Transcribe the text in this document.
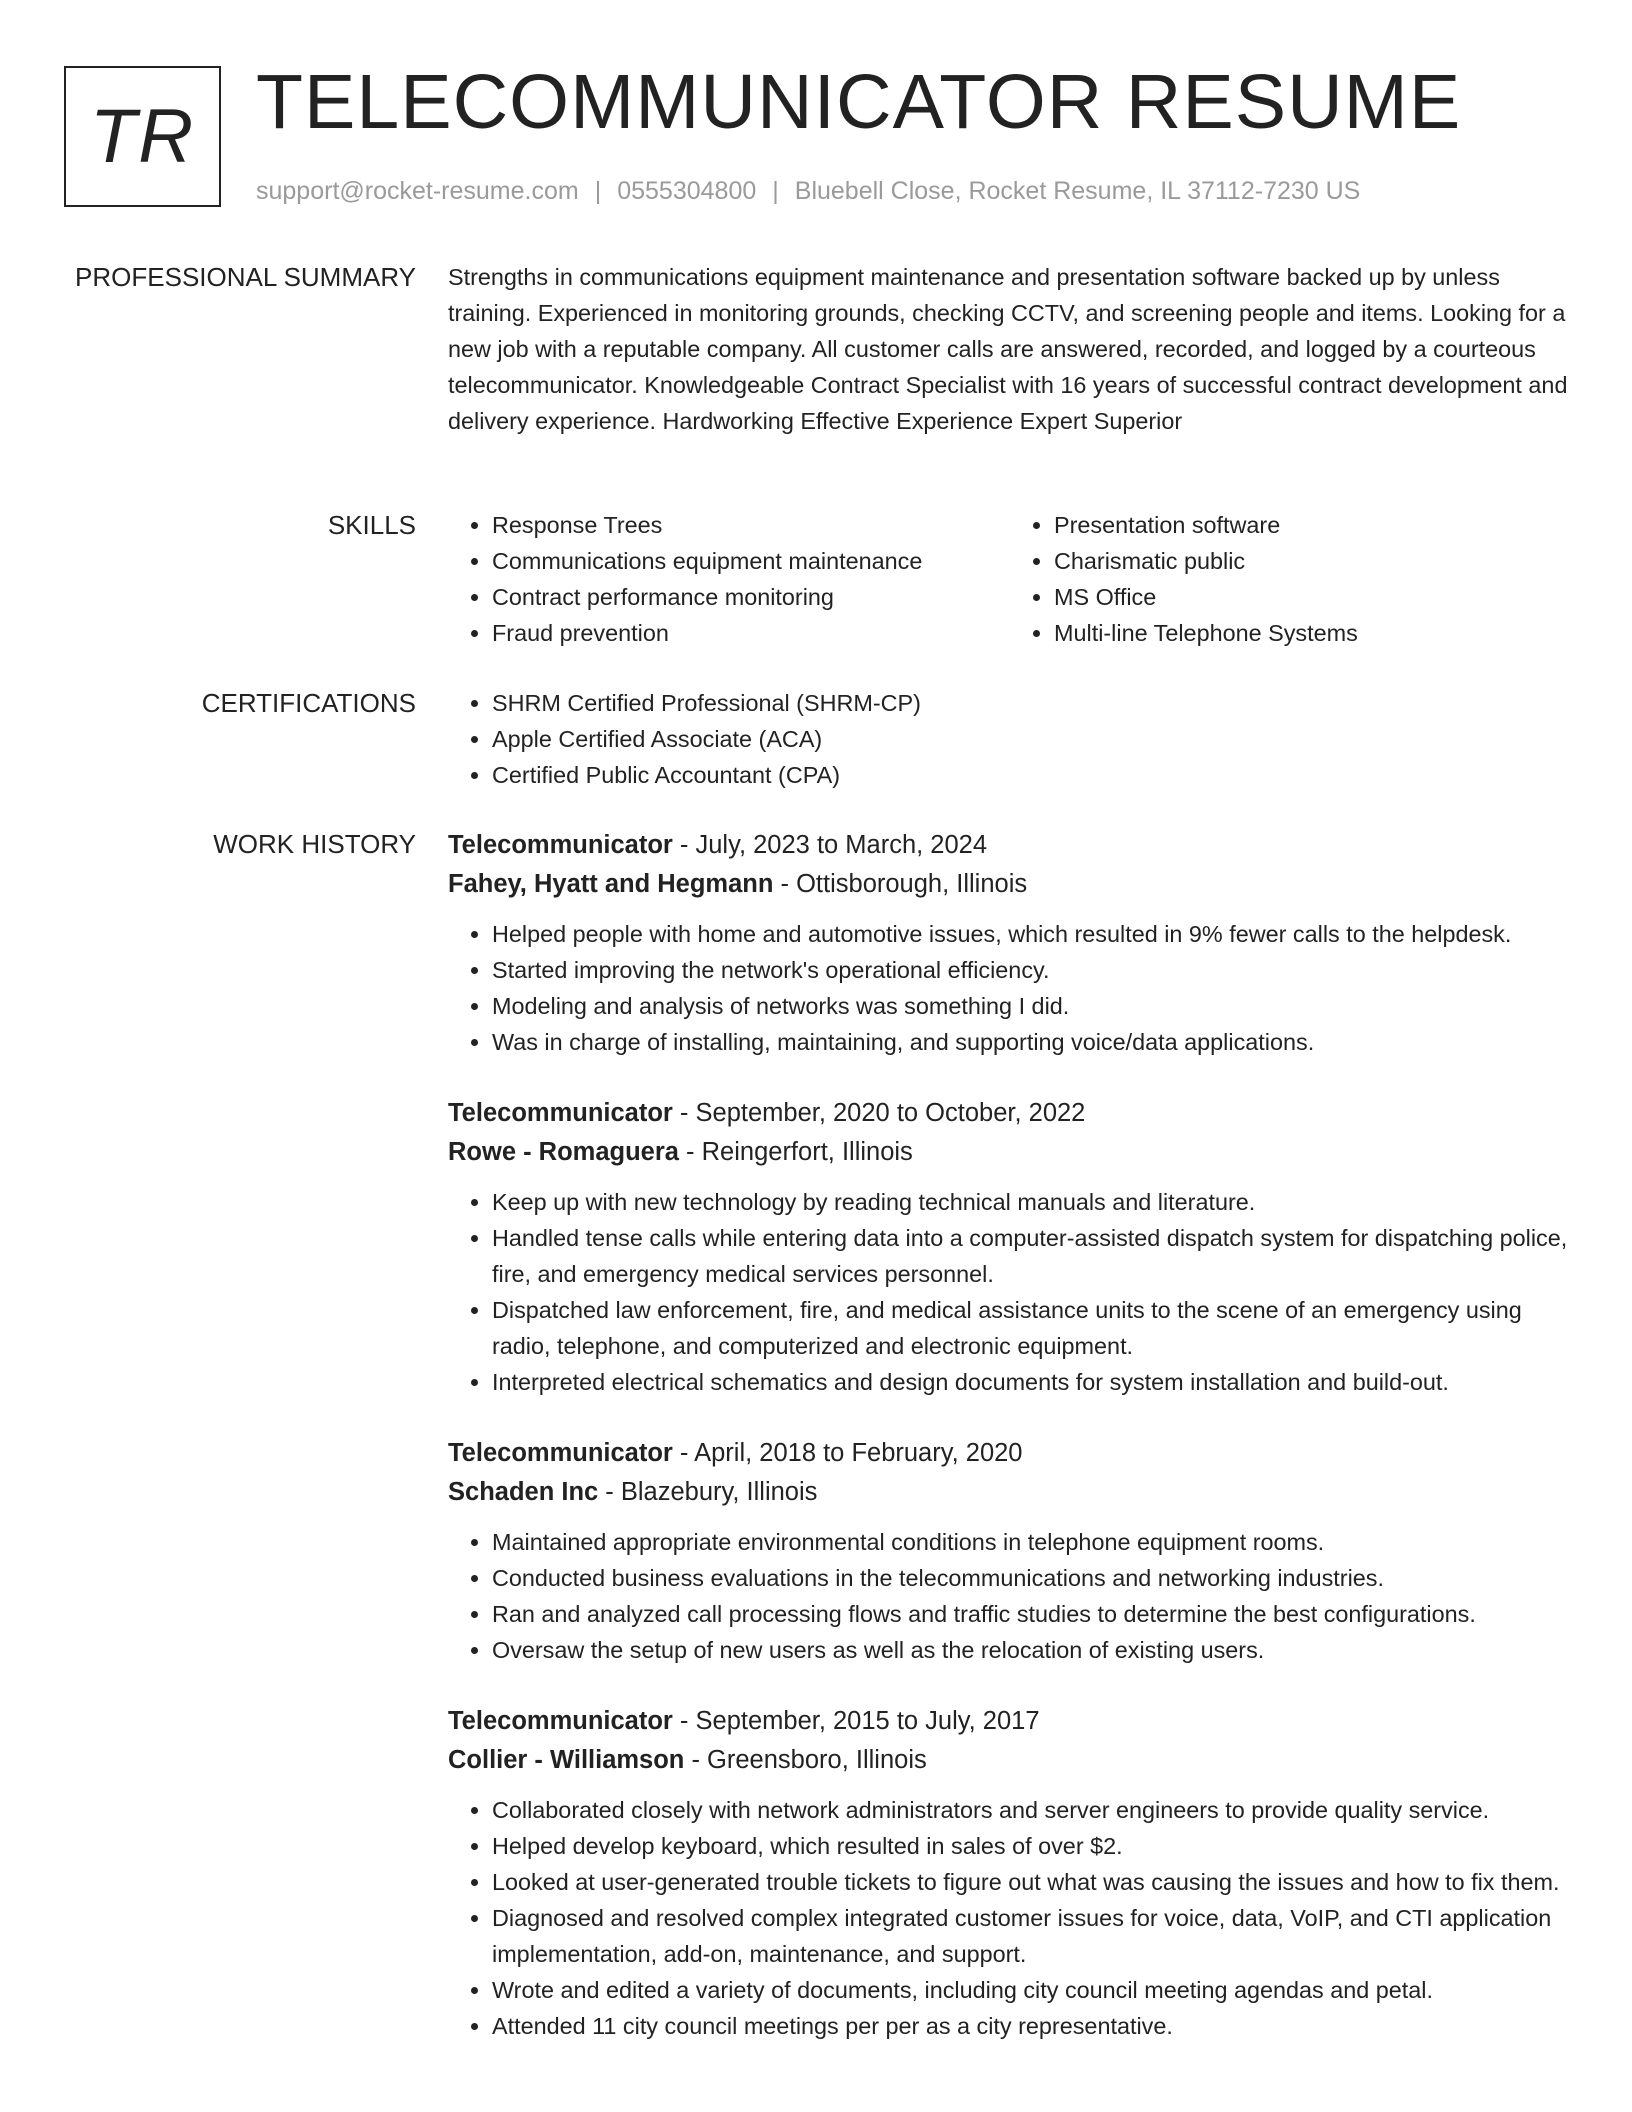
TR TELECOMMUNICATOR RESUME
support@rocket-resume.com | 0555304800 | Bluebell Close, Rocket Resume, IL 37112-7230 US
PROFESSIONAL SUMMARY Strengths in communications equipment maintenance and presentation software backed up by unless training. Experienced in monitoring grounds, checking CCTV, and screening people and items. Looking for a new job with a reputable company. All customer calls are answered, recorded, and logged by a courteous telecommunicator. Knowledgeable Contract Specialist with 16 years of successful contract development and delivery experience. Hardworking Effective Experience Expert Superior

SKILLS	• Response Trees
• Communications equipment maintenance
• Contract performance monitoring
• Fraud prevention
• Presentation software
• Charismatic public
• MS Office
• Multi-line Telephone Systems
CERTIFICATIONS	• SHRM Certified Professional (SHRM-CP)
• Apple Certified Associate (ACA)
• Certified Public Accountant (CPA)
WORK HISTORY Telecommunicator - July, 2023 to March, 2024
Fahey, Hyatt and Hegmann - Ottisborough, Illinois
• Helped people with home and automotive issues, which resulted in 9% fewer calls to the helpdesk.
• Started improving the network's operational efficiency.
• Modeling and analysis of networks was something I did.
• Was in charge of installing, maintaining, and supporting voice/data applications.
Telecommunicator - September, 2020 to October, 2022
Rowe - Romaguera - Reingerfort, Illinois
• Keep up with new technology by reading technical manuals and literature.
• Handled tense calls while entering data into a computer-assisted dispatch system for dispatching police, fire, and emergency medical services personnel.
• Dispatched law enforcement, fire, and medical assistance units to the scene of an emergency using radio, telephone, and computerized and electronic equipment.
• Interpreted electrical schematics and design documents for system installation and build-out.
Telecommunicator - April, 2018 to February, 2020
Schaden Inc - Blazebury, Illinois
• Maintained appropriate environmental conditions in telephone equipment rooms.
• Conducted business evaluations in the telecommunications and networking industries.
• Ran and analyzed call processing flows and traffic studies to determine the best configurations.
• Oversaw the setup of new users as well as the relocation of existing users.
Telecommunicator - September, 2015 to July, 2017
Collier - Williamson - Greensboro, Illinois
• Collaborated closely with network administrators and server engineers to provide quality service.
• Helped develop keyboard, which resulted in sales of over $2.
• Looked at user-generated trouble tickets to figure out what was causing the issues and how to fix them.
• Diagnosed and resolved complex integrated customer issues for voice, data, VoIP, and CTI application implementation, add-on, maintenance, and support.
• Wrote and edited a variety of documents, including city council meeting agendas and petal.
• Attended 11 city council meetings per per as a city representative.
